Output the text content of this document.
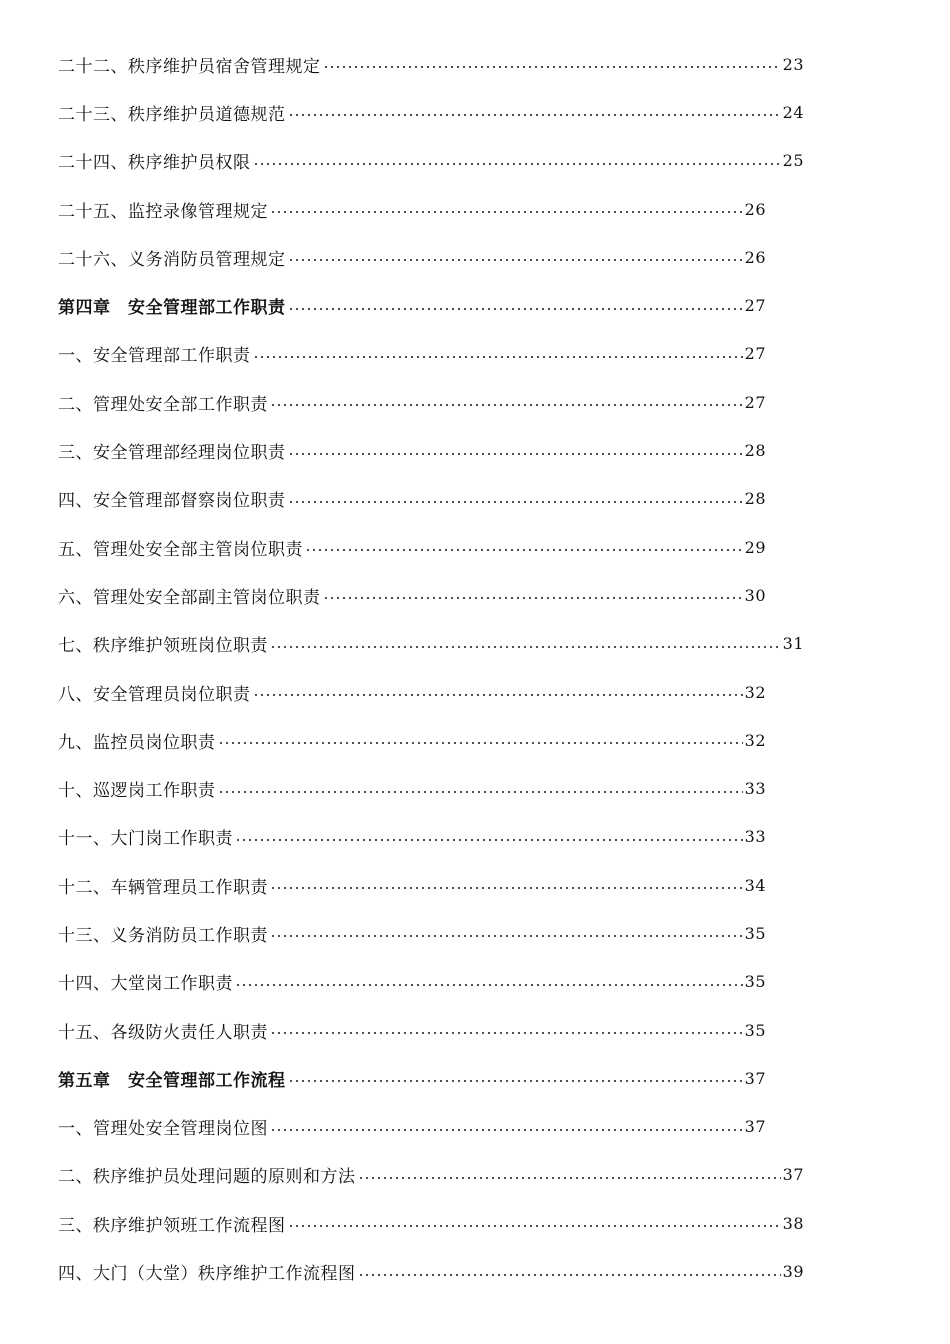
二十二、秩序维护员宿舍管理规定	23
二十三、秩序维护员道德规范	24
二十四、秩序维护员权限	25
二十五、监控录像管理规定	26
二十六、义务消防员管理规定	26
第四章　安全管理部工作职责	27
一、安全管理部工作职责	27
二、管理处安全部工作职责	27
三、安全管理部经理岗位职责	28
四、安全管理部督察岗位职责	28
五、管理处安全部主管岗位职责	29
六、管理处安全部副主管岗位职责	30
七、秩序维护领班岗位职责	31
八、安全管理员岗位职责	32
九、监控员岗位职责	32
十、巡逻岗工作职责	33
十一、大门岗工作职责	33
十二、车辆管理员工作职责	34
十三、义务消防员工作职责	35
十四、大堂岗工作职责	35
十五、各级防火责任人职责	35
第五章　安全管理部工作流程	37
一、管理处安全管理岗位图	37
二、秩序维护员处理问题的原则和方法	37
三、秩序维护领班工作流程图	38
四、大门（大堂）秩序维护工作流程图	39
